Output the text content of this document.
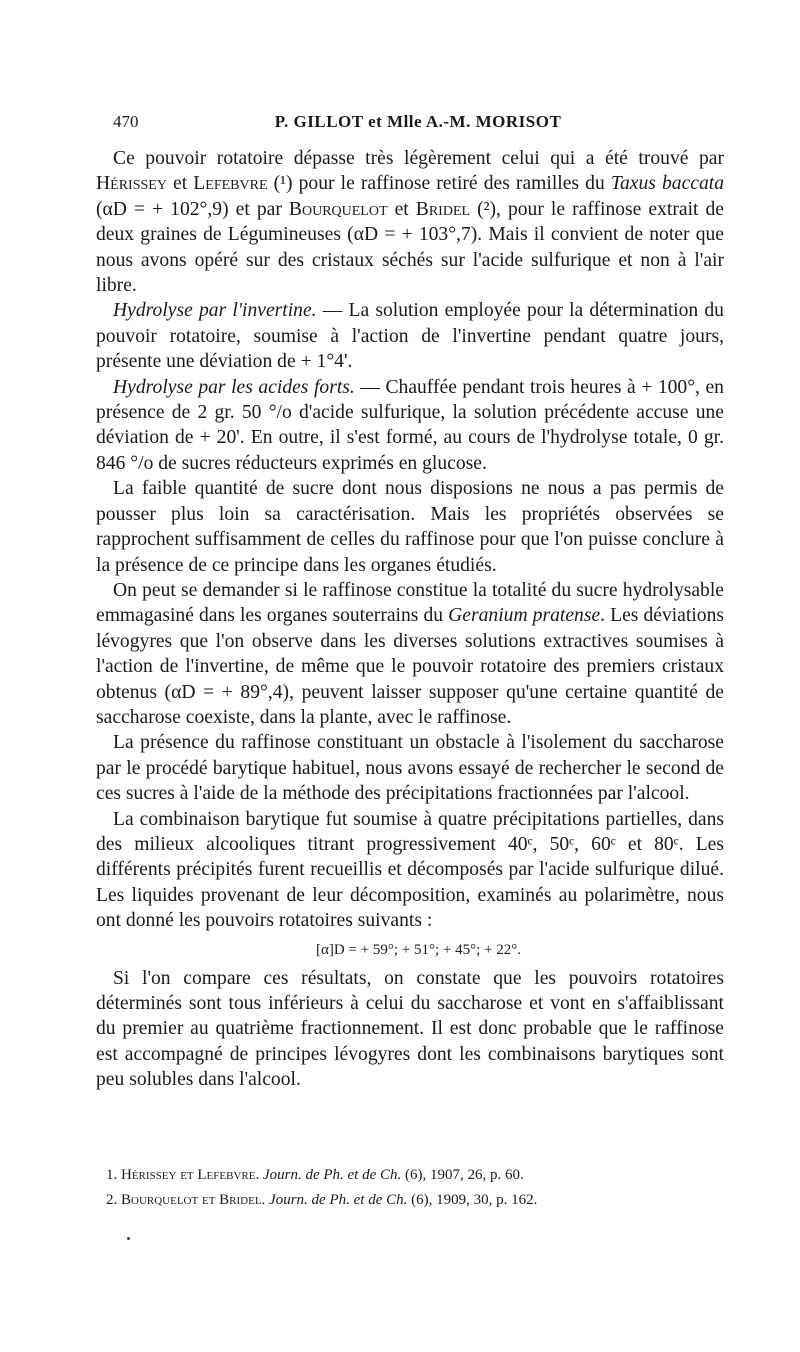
470	P. GILLOT et Mlle A.-M. MORISOT

Ce pouvoir rotatoire dépasse très légèrement celui qui a été trouvé par Hérissey et Lefebvre (¹) pour le raffinose retiré des ramilles du Taxus baccata (αD = + 102°,9) et par Bourquelot et Bridel (²), pour le raffinose extrait de deux graines de Légumineuses (αD = + 103°,7). Mais il convient de noter que nous avons opéré sur des cristaux séchés sur l'acide sulfurique et non à l'air libre.

Hydrolyse par l'invertine. — La solution employée pour la détermination du pouvoir rotatoire, soumise à l'action de l'invertine pendant quatre jours, présente une déviation de + 1°4'.

Hydrolyse par les acides forts. — Chauffée pendant trois heures à + 100°, en présence de 2 gr. 50 °/o d'acide sulfurique, la solution précédente accuse une déviation de + 20'. En outre, il s'est formé, au cours de l'hydrolyse totale, 0 gr. 846 °/o de sucres réducteurs exprimés en glucose.

La faible quantité de sucre dont nous disposions ne nous a pas permis de pousser plus loin sa caractérisation. Mais les propriétés observées se rapprochent suffisamment de celles du raffinose pour que l'on puisse conclure à la présence de ce principe dans les organes étudiés.

On peut se demander si le raffinose constitue la totalité du sucre hydrolysable emmagasiné dans les organes souterrains du Geranium pratense. Les déviations lévogyres que l'on observe dans les diverses solutions extractives soumises à l'action de l'invertine, de même que le pouvoir rotatoire des premiers cristaux obtenus (αD = + 89°,4), peuvent laisser supposer qu'une certaine quantité de saccharose coexiste, dans la plante, avec le raffinose.

La présence du raffinose constituant un obstacle à l'isolement du saccharose par le procédé barytique habituel, nous avons essayé de rechercher le second de ces sucres à l'aide de la méthode des précipitations fractionnées par l'alcool.

La combinaison barytique fut soumise à quatre précipitations partielles, dans des milieux alcooliques titrant progressivement 40ᶜ, 50ᶜ, 60ᶜ et 80ᶜ. Les différents précipités furent recueillis et décomposés par l'acide sulfurique dilué. Les liquides provenant de leur décomposition, examinés au polarimètre, nous ont donné les pouvoirs rotatoires suivants :

[α]D = + 59°; + 51°; + 45°; + 22°.

Si l'on compare ces résultats, on constate que les pouvoirs rotatoires déterminés sont tous inférieurs à celui du saccharose et vont en s'affaiblissant du premier au quatrième fractionnement. Il est donc probable que le raffinose est accompagné de principes lévogyres dont les combinaisons barytiques sont peu solubles dans l'alcool.

1. Hérissey et Lefebvre. Journ. de Ph. et de Ch. (6), 1907, 26, p. 60.
2. Bourquelot et Bridel. Journ. de Ph. et de Ch. (6), 1909, 30, p. 162.
